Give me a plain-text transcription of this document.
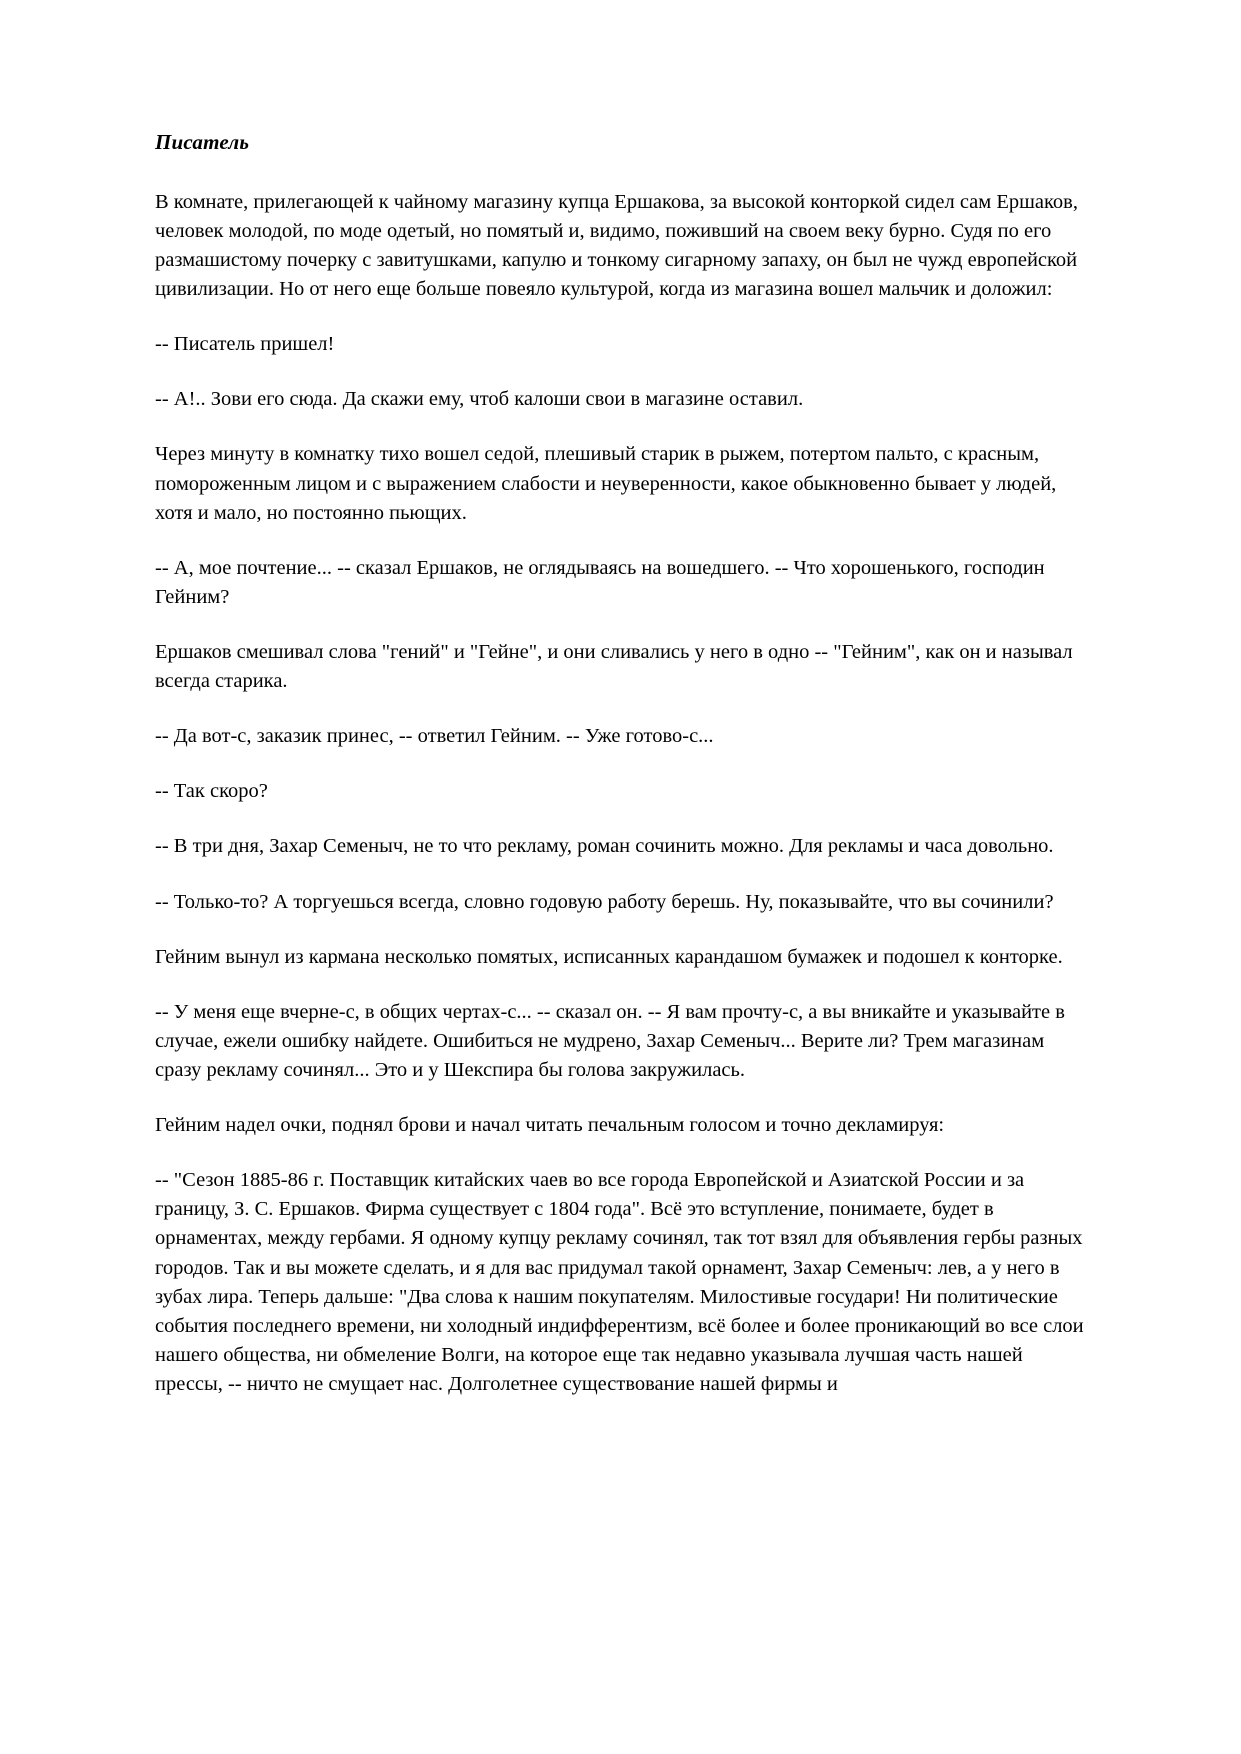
Писатель

В комнате, прилегающей к чайному магазину купца Ершакова, за высокой конторкой сидел сам Ершаков, человек молодой, по моде одетый, но помятый и, видимо, поживший на своем веку бурно. Судя по его размашистому почерку с завитушками, капулю и тонкому сигарному запаху, он был не чужд европейской цивилизации. Но от него еще больше повеяло культурой, когда из магазина вошел мальчик и доложил:

-- Писатель пришел!

-- А!.. Зови его сюда. Да скажи ему, чтоб калоши свои в магазине оставил.

Через минуту в комнатку тихо вошел седой, плешивый старик в рыжем, потертом пальто, с красным, помороженным лицом и с выражением слабости и неуверенности, какое обыкновенно бывает у людей, хотя и мало, но постоянно пьющих.

-- А, мое почтение... -- сказал Ершаков, не оглядываясь на вошедшего. -- Что хорошенького, господин Гейним?

Ершаков смешивал слова "гений" и "Гейне", и они сливались у него в одно -- "Гейним", как он и называл всегда старика.

-- Да вот-с, заказик принес, -- ответил Гейним. -- Уже готово-с...

-- Так скоро?

-- В три дня, Захар Семеныч, не то что рекламу, роман сочинить можно. Для рекламы и часа довольно.

-- Только-то? А торгуешься всегда, словно годовую работу берешь. Ну, показывайте, что вы сочинили?

Гейним вынул из кармана несколько помятых, исписанных карандашом бумажек и подошел к конторке.

-- У меня еще вчерне-с, в общих чертах-с... -- сказал он. -- Я вам прочту-с, а вы вникайте и указывайте в случае, ежели ошибку найдете. Ошибиться не мудрено, Захар Семеныч... Верите ли? Трем магазинам сразу рекламу сочинял... Это и у Шекспира бы голова закружилась.

Гейним надел очки, поднял брови и начал читать печальным голосом и точно декламируя:

-- "Сезон 1885-86 г. Поставщик китайских чаев во все города Европейской и Азиатской России и за границу, З. С. Ершаков. Фирма существует с 1804 года". Всё это вступление, понимаете, будет в орнаментах, между гербами. Я одному купцу рекламу сочинял, так тот взял для объявления гербы разных городов. Так и вы можете сделать, и я для вас придумал такой орнамент, Захар Семеныч: лев, а у него в зубах лира. Теперь дальше: "Два слова к нашим покупателям. Милостивые государи! Ни политические события последнего времени, ни холодный индифферентизм, всё более и более проникающий во все слои нашего общества, ни обмеление Волги, на которое еще так недавно указывала лучшая часть нашей прессы, -- ничто не смущает нас. Долголетнее существование нашей фирмы и
